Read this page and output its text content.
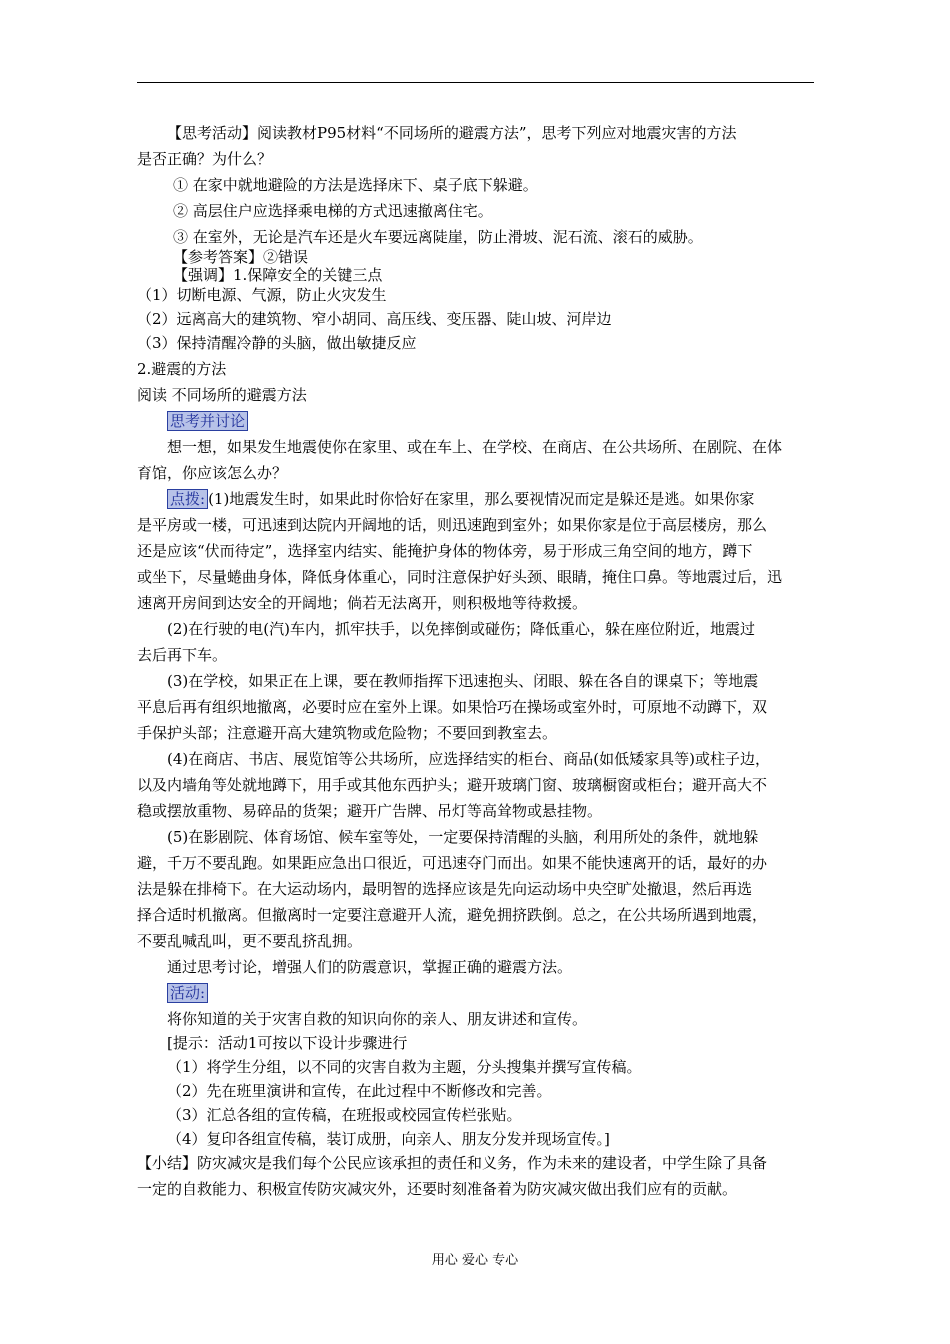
【思考活动】阅读教材P95材料“不同场所的避震方法”，思考下列应对地震灾害的方法
是否正确？为什么？
① 在家中就地避险的方法是选择床下、桌子底下躲避。
② 高层住户应选择乘电梯的方式迅速撤离住宅。
③ 在室外，无论是汽车还是火车要远离陡崖，防止滑坡、泥石流、滚石的威胁。
【参考答案】②错误
【强调】1.保障安全的关键三点
（1）切断电源、气源，防止火灾发生
（2）远离高大的建筑物、窄小胡同、高压线、变压器、陡山坡、河岸边
（3）保持清醒冷静的头脑，做出敏捷反应
2.避震的方法
阅读 不同场所的避震方法
思考并讨论
想一想，如果发生地震使你在家里、或在车上、在学校、在商店、在公共场所、在剧院、在体
育馆，你应该怎么办？
点拨: (1)地震发生时，如果此时你恰好在家里，那么要视情况而定是躲还是逃。如果你家
是平房或一楼，可迅速到达院内开阔地的话，则迅速跑到室外；如果你家是位于高层楼房，那么
还是应该“伏而待定”，选择室内结实、能掩护身体的物体旁，易于形成三角空间的地方，蹲下
或坐下，尽量蜷曲身体，降低身体重心，同时注意保护好头颈、眼睛，掩住口鼻。等地震过后，迅
速离开房间到达安全的开阔地；倘若无法离开，则积极地等待救援。
(2)在行驶的电(汽)车内，抓牢扶手，以免摔倒或碰伤；降低重心，躲在座位附近，地震过
去后再下车。
(3)在学校，如果正在上课，要在教师指挥下迅速抱头、闭眼、躲在各自的课桌下；等地震
平息后再有组织地撤离，必要时应在室外上课。如果恰巧在操场或室外时，可原地不动蹲下，双
手保护头部；注意避开高大建筑物或危险物；不要回到教室去。
(4)在商店、书店、展览馆等公共场所，应选择结实的柜台、商品(如低矮家具等)或柱子边，
以及内墙角等处就地蹲下，用手或其他东西护头；避开玻璃门窗、玻璃橱窗或柜台；避开高大不
稳或摆放重物、易碎品的货架；避开广告牌、吊灯等高耸物或悬挂物。
(5)在影剧院、体育场馆、候车室等处，一定要保持清醒的头脑，利用所处的条件，就地躲
避，千万不要乱跑。如果距应急出口很近，可迅速夺门而出。如果不能快速离开的话，最好的办
法是躲在排椅下。在大运动场内，最明智的选择应该是先向运动场中央空旷处撤退，然后再选
择合适时机撤离。但撤离时一定要注意避开人流，避免拥挤跌倒。总之，在公共场所遇到地震，
不要乱喊乱叫，更不要乱挤乱拥。
通过思考讨论，增强人们的防震意识，掌握正确的避震方法。
活动:
将你知道的关于灾害自救的知识向你的亲人、朋友讲述和宣传。
[提示：活动1可按以下设计步骤进行
（1）将学生分组，以不同的灾害自救为主题，分头搜集并撰写宣传稿。
（2）先在班里演讲和宣传，在此过程中不断修改和完善。
（3）汇总各组的宣传稿，在班报或校园宣传栏张贴。
（4）复印各组宣传稿，装订成册，向亲人、朋友分发并现场宣传。]
【小结】防灾减灾是我们每个公民应该承担的责任和义务，作为未来的建设者，中学生除了具备
一定的自救能力、积极宣传防灾减灾外，还要时刻准备着为防灾减灾做出我们应有的贡献。
用心 爱心 专心
